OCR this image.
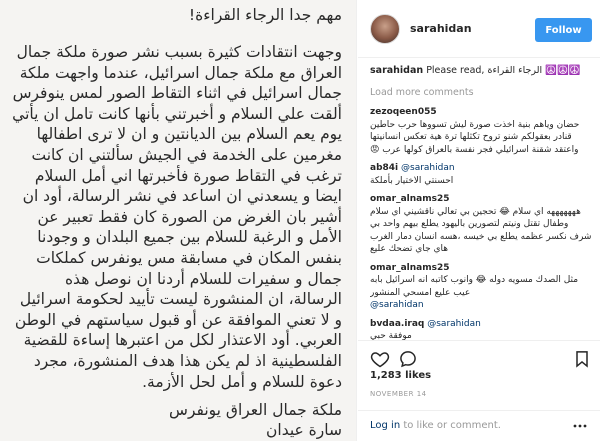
مهم جدا الرجاء القراءة!

وجهت انتقادات كثيرة بسبب نشر صورة ملكة جمال العراق مع ملكة جمال اسرائيل، عندما واجهت ملكة جمال اسرائيل في اثناء التقاط الصور لمس ينوفرس ألقت علي السلام و أخبرتني بأنها كانت تامل ان يأتي يوم يعم السلام بين الديانتين و ان لا ترى اطفالها مغرمين على الخدمة في الجيش سألتني ان كانت ترغب في التقاط صورة فأخبرتها اني أمل السلام ايضا و يسعدني ان اساعد في نشر الرسالة، أود ان أشير بان الغرض من الصورة كان فقط تعبير عن الأمل و الرغبة للسلام بين جميع البلدان و وجودنا بنفس المكان في مسابقة مس يونفرس كملكات جمال و سفيرات للسلام أردنا ان نوصل هذه الرسالة، ان المنشورة ليست تأييد لحكومة اسرائيل و لا تعني الموافقة عن أو قبول سياستهم في الوطن العربي. أود الاعتذار لكل من اعتبرها إساءة للقضية الفلسطينية اذ لم يكن هذا هدف المنشورة، مجرد دعوة للسلام و أمل لحل الأزمة.

ملكة جمال العراق يونفرس

سارة عيدان

sarahidan	Follow
sarahidan Please read, الرجاء القراءة ☮️☮️☮️
Load more comments
zezoqeen055
حضان وياهم بنية اخذت صورة ليش تسووها حرب حاطين قنادر بعقولكم شنو تروح تكثلها ترة هية تعكس انسانيتها واعتقد شقنة اسرائيلي فجر نفسة بالعراق كولها عرب 😡
ab84i @sarahidan
احسنتي الاختيار بأملكة
omar_alnams25
هههههههه اي سلام 😂 تحجين بي تعالي ناقشيني اي سلام وطفال تقتل ونيتم لتصورين باليهود يطلع بيهم واحد بي شرف نكسر عظمه يطلع بي خيسه ،هسه انسان دمار الغرب هاي جاي تضحك عليع
omar_alnams25
مثل الصدك مسويه دوله 😂 وانوب كاتبه انه اسرائيل بابه عيب عليع امسحي المنشور
@sarahidan
bvdaa.iraq @sarahidan
موفقة حبي
1,283 likes
NOVEMBER 14
Log in to like or comment.
